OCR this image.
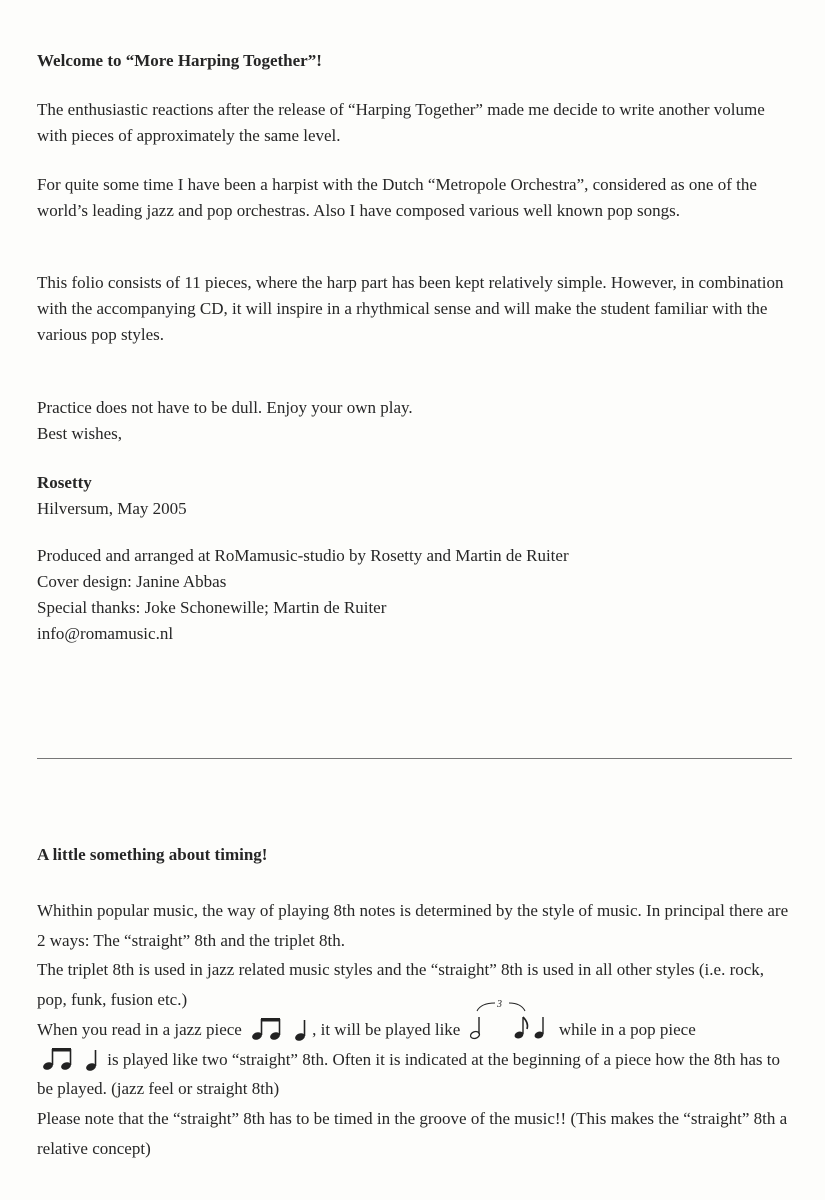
Welcome to “More Harping Together”!

The enthusiastic reactions after the release of “Harping Together” made me decide to write another volume with pieces of approximately the same level.

For quite some time I have been a harpist with the Dutch “Metropole Orchestra”, considered as one of the world’s leading jazz and pop orchestras. Also I have composed various well known pop songs.

This folio consists of 11 pieces, where the harp part has been kept relatively simple. However, in combination with the accompanying CD, it will inspire in a rhythmical sense and will make the student familiar with the various pop styles.

Practice does not have to be dull. Enjoy your own play.

Best wishes,

Rosetty

Hilversum, May 2005

Produced and arranged at RoMamusic-studio by Rosetty and Martin de Ruiter

Cover design: Janine Abbas

Special thanks: Joke Schonewille; Martin de Ruiter

info@romamusic.nl

A little something about timing!

Whithin popular music, the way of playing 8th notes is determined by the style of music. In principal there are 2 ways: The “straight” 8th and the triplet 8th.

The triplet 8th is used in jazz related music styles and the “straight” 8th is used in all other styles (i.e. rock, pop, funk, fusion etc.)

When you read in a jazz piece	, it will be played like
3
while in a pop piece

is played like two “straight” 8th. Often it is indicated at the beginning of a piece how the 8th has to be played. (jazz feel or straight 8th)

Please note that the “straight” 8th has to be timed in the groove of the music!! (This makes the “straight” 8th a relative concept)
